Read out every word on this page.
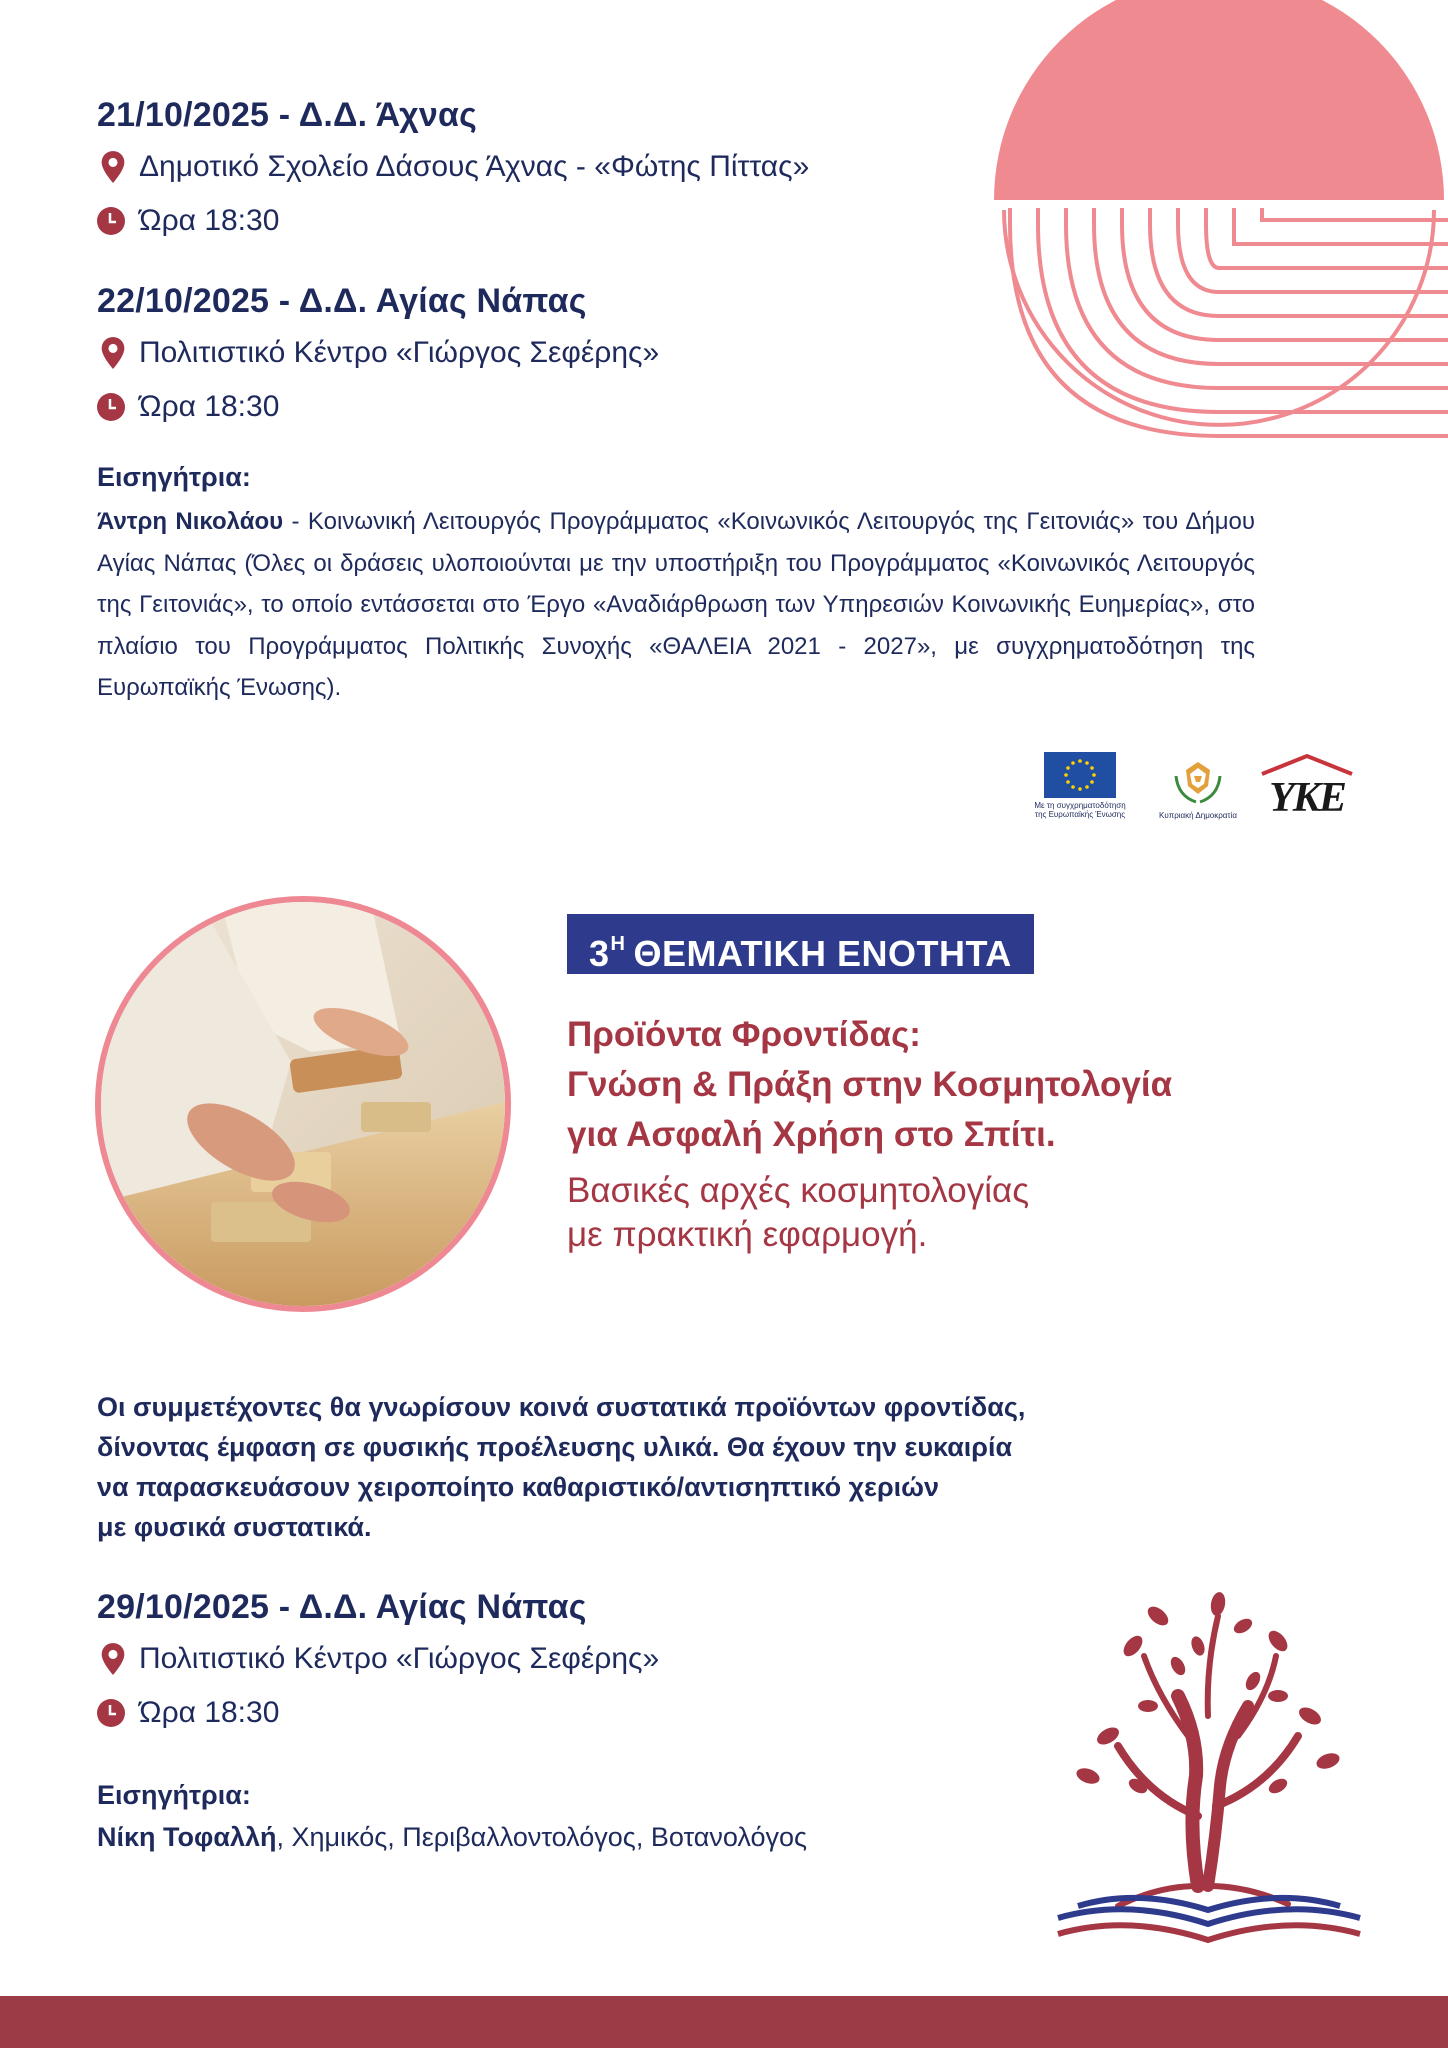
21/10/2025 - Δ.Δ. Άχνας
Δημοτικό Σχολείο Δάσους Άχνας - «Φώτης Πίττας»
Ώρα 18:30
22/10/2025 - Δ.Δ. Αγίας Νάπας
Πολιτιστικό Κέντρο «Γιώργος Σεφέρης»
Ώρα 18:30
Εισηγήτρια:
Άντρη Νικολάου - Κοινωνική Λειτουργός Προγράμματος «Κοινωνικός Λειτουργός της Γειτονιάς» του Δήμου Αγίας Νάπας (Όλες οι δράσεις υλοποιούνται με την υποστήριξη του Προγράμματος «Κοινωνικός Λειτουργός της Γειτονιάς», το οποίο εντάσσεται στο Έργο «Αναδιάρθρωση των Υπηρεσιών Κοινωνικής Ευημερίας», στο πλαίσιο του Προγράμματος Πολιτικής Συνοχής «ΘΑΛΕΙΑ 2021 - 2027», με συγχρηματοδότηση της Ευρωπαϊκής Ένωσης).
Με τη συγχρηματοδότηση
της Ευρωπαϊκής Ένωσης	Κυπριακή Δημοκρατία ΥΚΕ
$3^H$ ΘΕΜΑΤΙΚΗ ΕΝΟΤΗΤΑ
Προϊόντα Φροντίδας:
Γνώση & Πράξη στην Κοσμητολογία
για Ασφαλή Χρήση στο Σπίτι.
Βασικές αρχές κοσμητολογίας
με πρακτική εφαρμογή.
Οι συμμετέχοντες θα γνωρίσουν κοινά συστατικά προϊόντων φροντίδας,
δίνοντας έμφαση σε φυσικής προέλευσης υλικά. Θα έχουν την ευκαιρία
να παρασκευάσουν χειροποίητο καθαριστικό/αντισηπτικό χεριών
με φυσικά συστατικά.
29/10/2025 - Δ.Δ. Αγίας Νάπας
Πολιτιστικό Κέντρο «Γιώργος Σεφέρης»
Ώρα 18:30
Εισηγήτρια:
Νίκη Τοφαλλή, Χημικός, Περιβαλλοντολόγος, Βοτανολόγος
